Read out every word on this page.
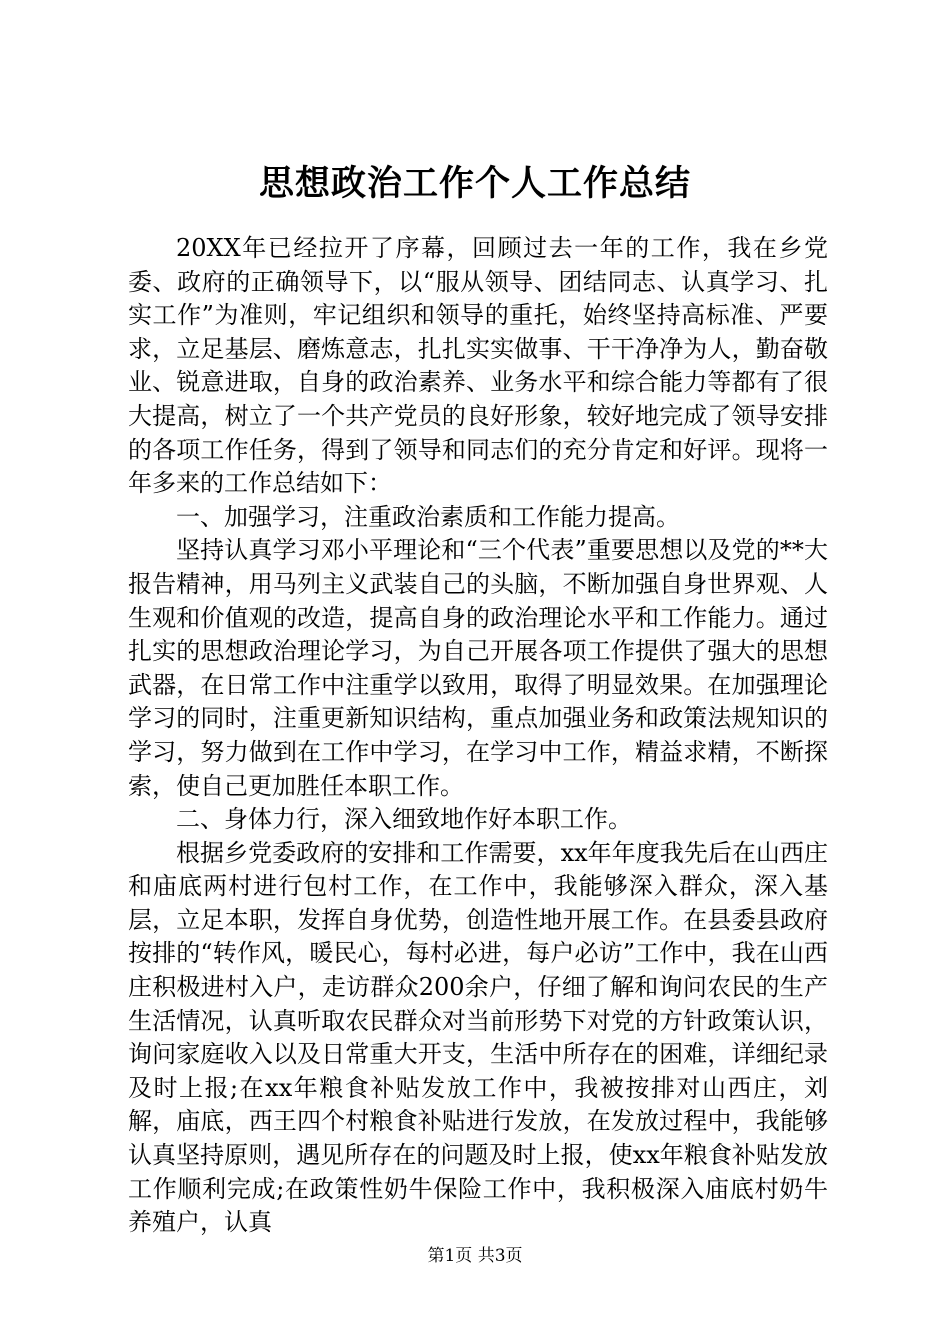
思想政治工作个人工作总结

20XX年已经拉开了序幕，回顾过去一年的工作，我在乡党委、政府的正确领导下，以“服从领导、团结同志、认真学习、扎实工作”为准则，牢记组织和领导的重托，始终坚持高标准、严要求，立足基层、磨炼意志，扎扎实实做事、干干净净为人，勤奋敬业、锐意进取，自身的政治素养、业务水平和综合能力等都有了很大提高，树立了一个共产党员的良好形象，较好地完成了领导安排的各项工作任务，得到了领导和同志们的充分肯定和好评。现将一年多来的工作总结如下：

一、加强学习，注重政治素质和工作能力提高。

坚持认真学习邓小平理论和“三个代表”重要思想以及党的**大报告精神，用马列主义武装自己的头脑，不断加强自身世界观、人生观和价值观的改造，提高自身的政治理论水平和工作能力。通过扎实的思想政治理论学习，为自己开展各项工作提供了强大的思想武器，在日常工作中注重学以致用，取得了明显效果。在加强理论学习的同时，注重更新知识结构，重点加强业务和政策法规知识的学习，努力做到在工作中学习，在学习中工作，精益求精，不断探索，使自己更加胜任本职工作。

二、身体力行，深入细致地作好本职工作。

根据乡党委政府的安排和工作需要，xx年年度我先后在山西庄和庙底两村进行包村工作，在工作中，我能够深入群众，深入基层，立足本职，发挥自身优势，创造性地开展工作。在县委县政府按排的“转作风，暖民心，每村必进，每户必访”工作中，我在山西庄积极进村入户，走访群众200余户，仔细了解和询问农民的生产生活情况，认真听取农民群众对当前形势下对党的方针政策认识，询问家庭收入以及日常重大开支，生活中所存在的困难，详细纪录及时上报;在xx年粮食补贴发放工作中，我被按排对山西庄，刘解，庙底，西王四个村粮食补贴进行发放，在发放过程中，我能够认真坚持原则，遇见所存在的问题及时上报，使xx年粮食补贴发放工作顺利完成;在政策性奶牛保险工作中，我积极深入庙底村奶牛养殖户，认真

第1页 共3页
